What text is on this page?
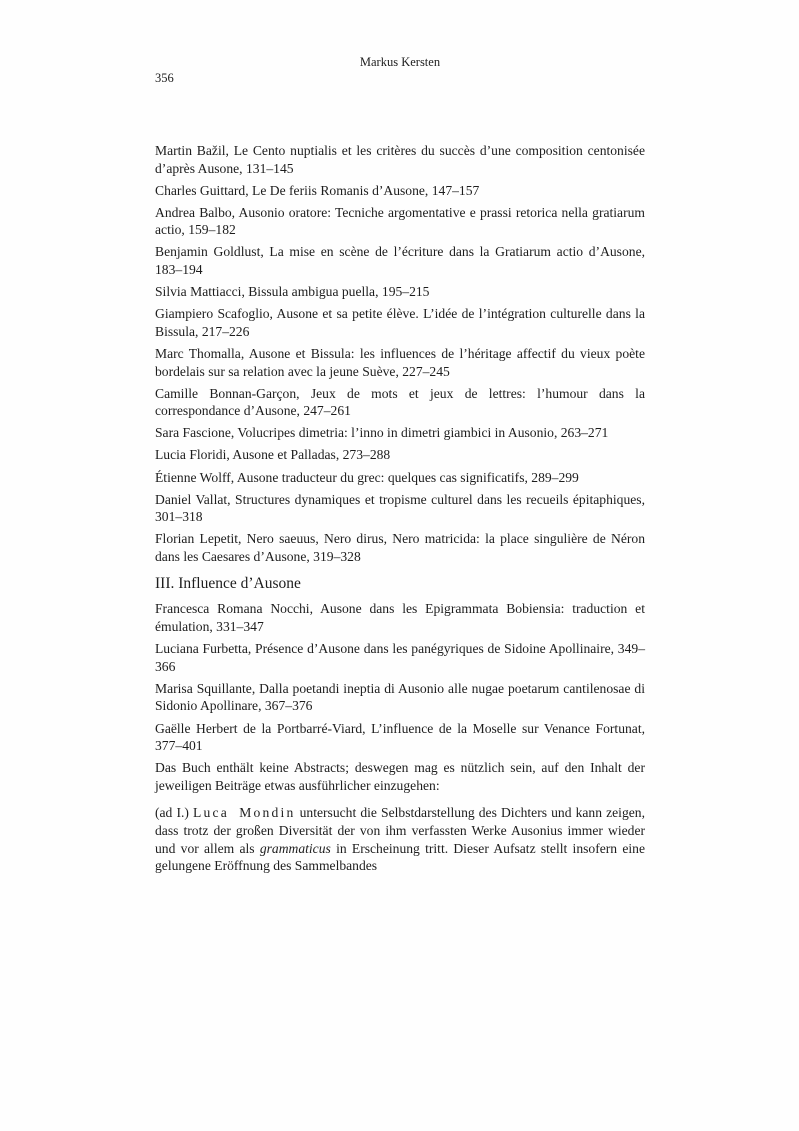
Markus Kersten
356

Martin Bažil, Le Cento nuptialis et les critères du succès d’une composition centonisée d’après Ausone, 131–145

Charles Guittard, Le De feriis Romanis d’Ausone, 147–157

Andrea Balbo, Ausonio oratore: Tecniche argomentative e prassi retorica nella gratiarum actio, 159–182

Benjamin Goldlust, La mise en scène de l’écriture dans la Gratiarum actio d’Ausone, 183–194

Silvia Mattiacci, Bissula ambigua puella, 195–215

Giampiero Scafoglio, Ausone et sa petite élève. L’idée de l’intégration culturelle dans la Bissula, 217–226

Marc Thomalla, Ausone et Bissula: les influences de l’héritage affectif du vieux poète bordelais sur sa relation avec la jeune Suève, 227–245

Camille Bonnan-Garçon, Jeux de mots et jeux de lettres: l’humour dans la correspondance d’Ausone, 247–261

Sara Fascione, Volucripes dimetria: l’inno in dimetri giambici in Ausonio, 263–271

Lucia Floridi, Ausone et Palladas, 273–288

Étienne Wolff, Ausone traducteur du grec: quelques cas significatifs, 289–299

Daniel Vallat, Structures dynamiques et tropisme culturel dans les recueils épitaphiques, 301–318

Florian Lepetit, Nero saeuus, Nero dirus, Nero matricida: la place singulière de Néron dans les Caesares d’Ausone, 319–328

III. Influence d’Ausone

Francesca Romana Nocchi, Ausone dans les Epigrammata Bobiensia: traduction et émulation, 331–347

Luciana Furbetta, Présence d’Ausone dans les panégyriques de Sidoine Apollinaire, 349–366

Marisa Squillante, Dalla poetandi ineptia di Ausonio alle nugae poetarum cantilenosae di Sidonio Apollinare, 367–376

Gaëlle Herbert de la Portbarré-Viard, L’influence de la Moselle sur Venance Fortunat, 377–401

Das Buch enthält keine Abstracts; deswegen mag es nützlich sein, auf den Inhalt der jeweiligen Beiträge etwas ausführlicher einzugehen:

(ad I.) Luca Mondin untersucht die Selbstdarstellung des Dichters und kann zeigen, dass trotz der großen Diversität der von ihm verfassten Werke Ausonius immer wieder und vor allem als grammaticus in Erscheinung tritt. Dieser Aufsatz stellt insofern eine gelungene Eröffnung des Sammelbandes
